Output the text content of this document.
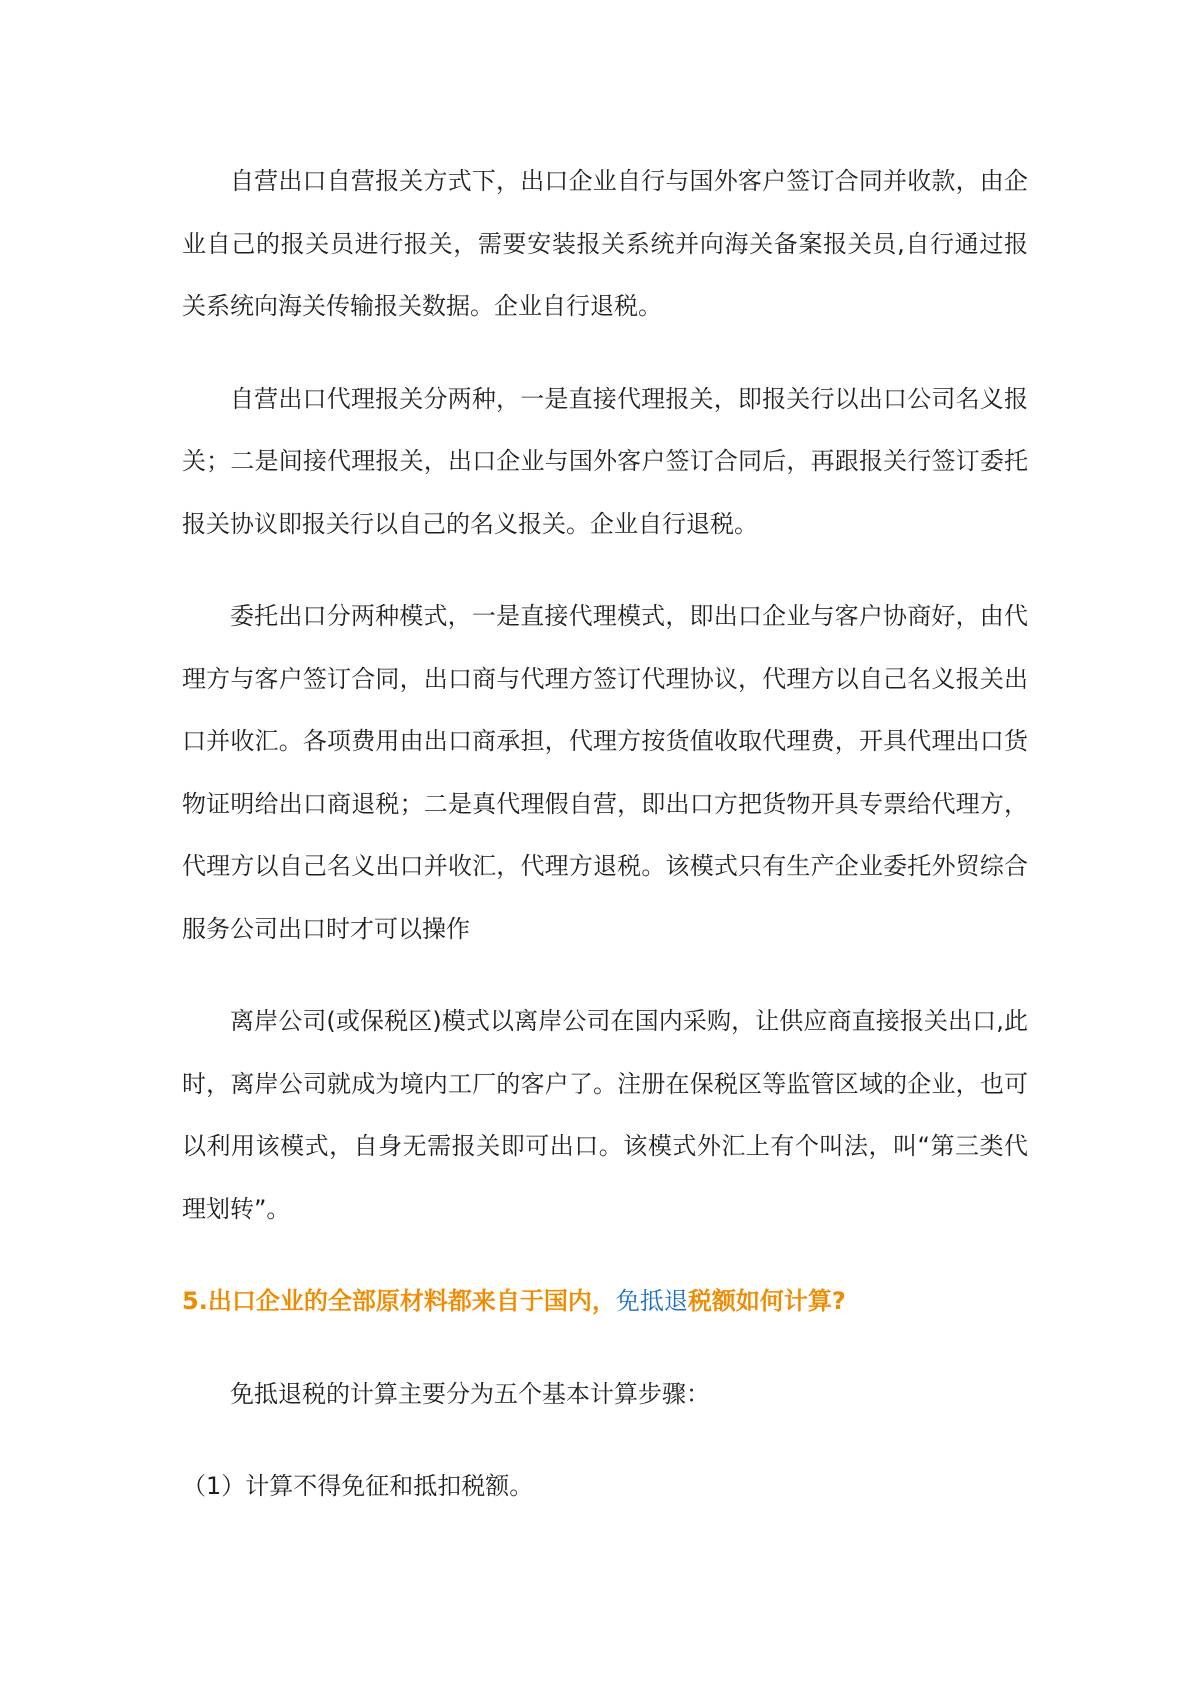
自营出口自营报关方式下，出口企业自行与国外客户签订合同并收款，由企业自己的报关员进行报关，需要安装报关系统并向海关备案报关员,自行通过报关系统向海关传输报关数据。企业自行退税。

自营出口代理报关分两种，一是直接代理报关，即报关行以出口公司名义报关；二是间接代理报关，出口企业与国外客户签订合同后，再跟报关行签订委托报关协议即报关行以自己的名义报关。企业自行退税。

委托出口分两种模式，一是直接代理模式，即出口企业与客户协商好，由代理方与客户签订合同，出口商与代理方签订代理协议，代理方以自己名义报关出口并收汇。各项费用由出口商承担，代理方按货值收取代理费，开具代理出口货物证明给出口商退税；二是真代理假自营，即出口方把货物开具专票给代理方，代理方以自己名义出口并收汇，代理方退税。该模式只有生产企业委托外贸综合服务公司出口时才可以操作

离岸公司(或保税区)模式以离岸公司在国内采购，让供应商直接报关出口,此时，离岸公司就成为境内工厂的客户了。注册在保税区等监管区域的企业，也可以利用该模式，自身无需报关即可出口。该模式外汇上有个叫法，叫“第三类代理划转”。

5.出口企业的全部原材料都来自于国内，免抵退税额如何计算?

免抵退税的计算主要分为五个基本计算步骤：

（1）计算不得免征和抵扣税额。
